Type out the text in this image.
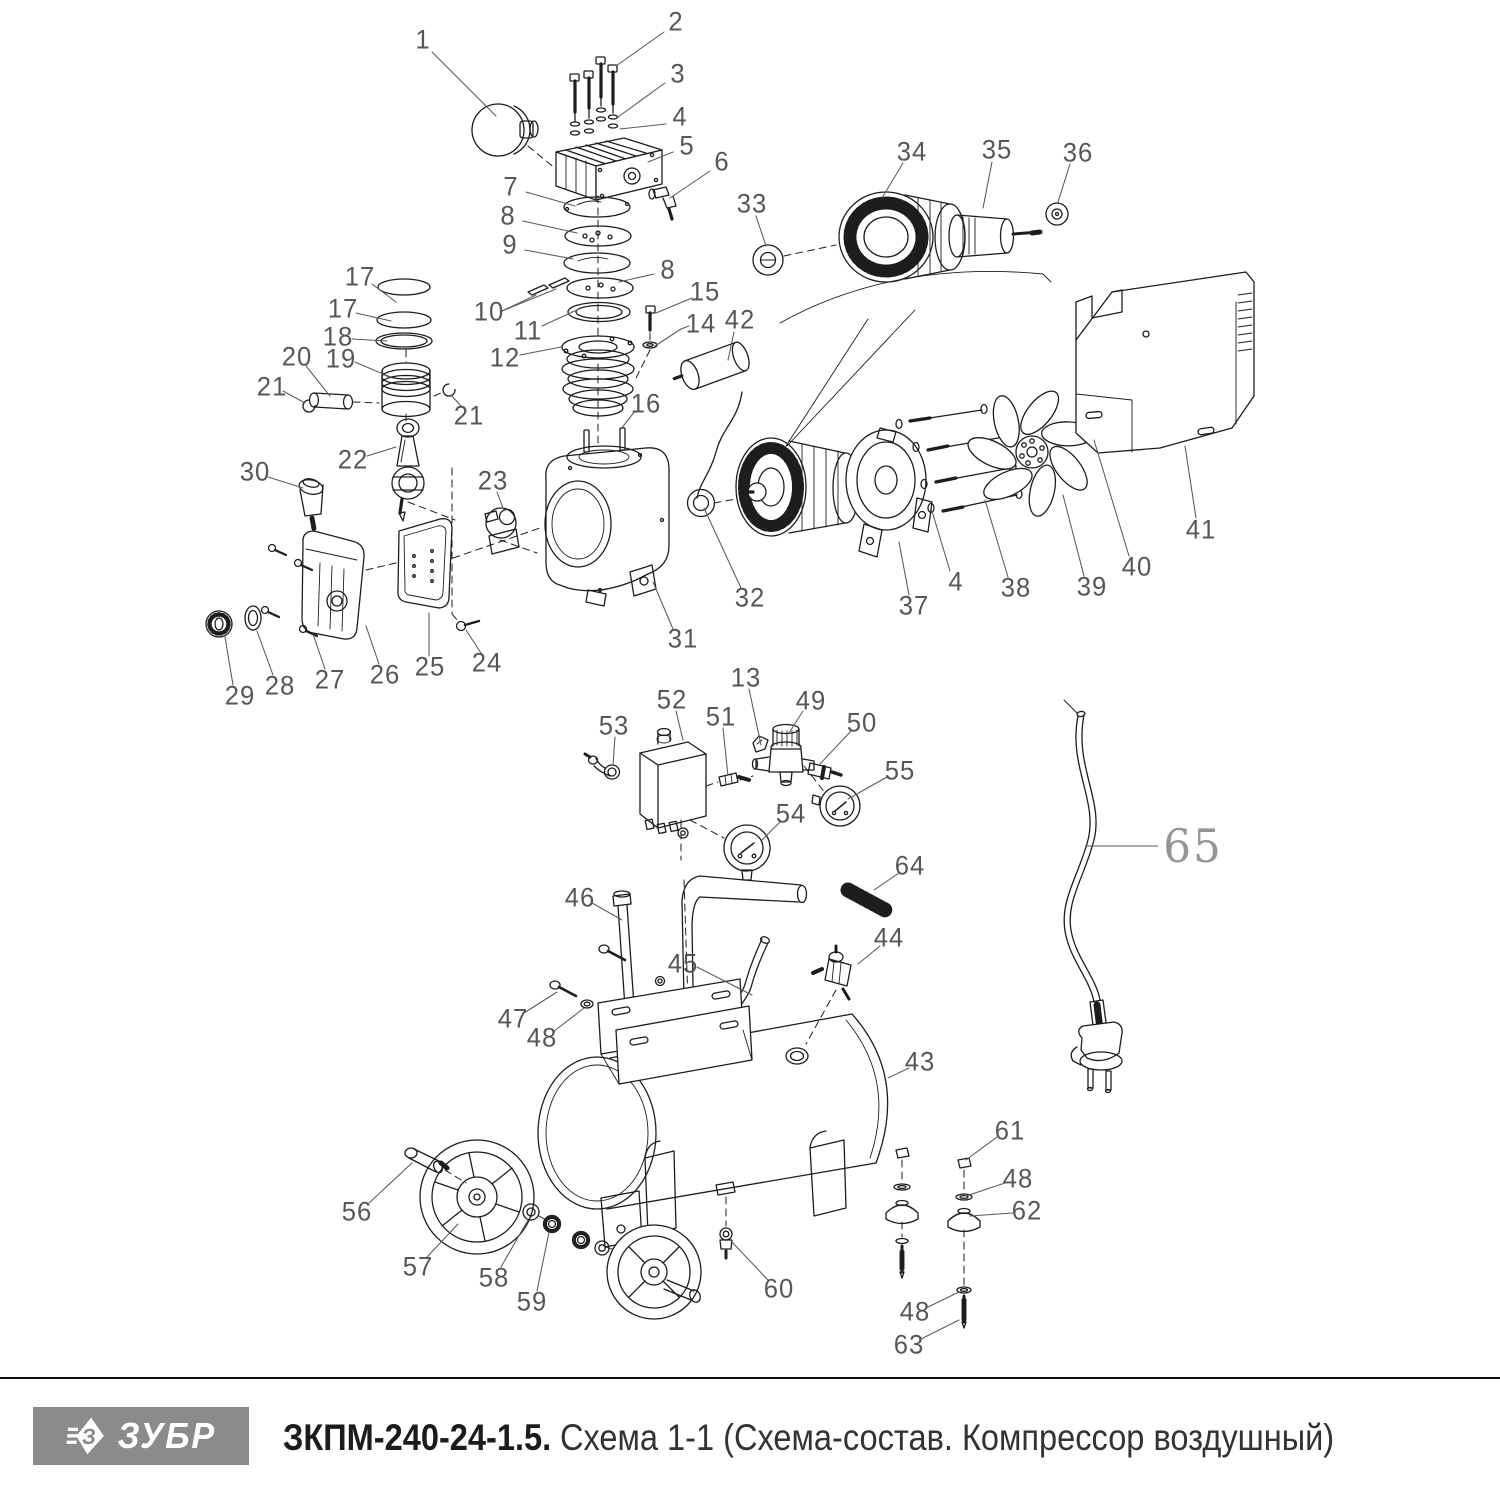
1
2
3
4
5
6
7
8
9
8
10
11
12
15
14
16
42
17
17
18
19
20
21
21
22
30	23
24
25
26
27
28
29
31
32
33
34 35 36
37
4 38 39
40
41
13
52
51
49
50
53
55
54
64
46
45
44
43
47
48
56
57 58
59	60
61
48
62
48
63
65
З ЗУБР ЗКПМ-240-24-1.5. Схема 1-1 (Схема-состав. Компрессор воздушный)
